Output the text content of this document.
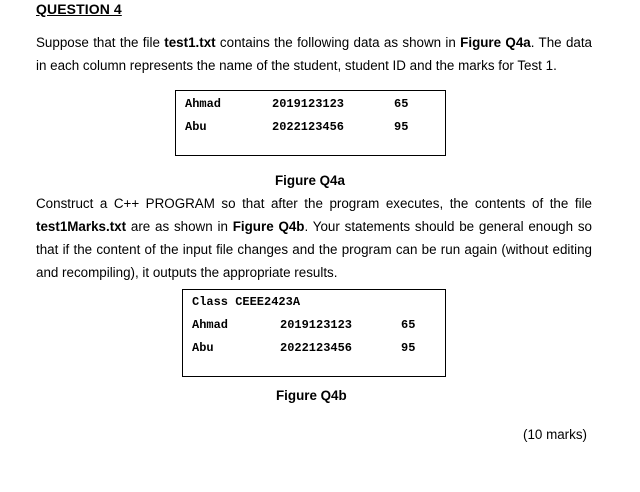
QUESTION 4
Suppose that the file test1.txt contains the following data as shown in Figure Q4a. The data
in each column represents the name of the student, student ID and the marks for Test 1.
Ahmad	2019123123	65
Abu	2022123456	95
Figure Q4a
Construct a C++ PROGRAM so that after the program executes, the contents of the file
test1Marks.txt are as shown in Figure Q4b. Your statements should be general enough so
that if the content of the input file changes and the program can be run again (without editing
and recompiling), it outputs the appropriate results.
Class CEEE2423A
Ahmad	2019123123	65
Abu	2022123456	95
Figure Q4b
(10 marks)
